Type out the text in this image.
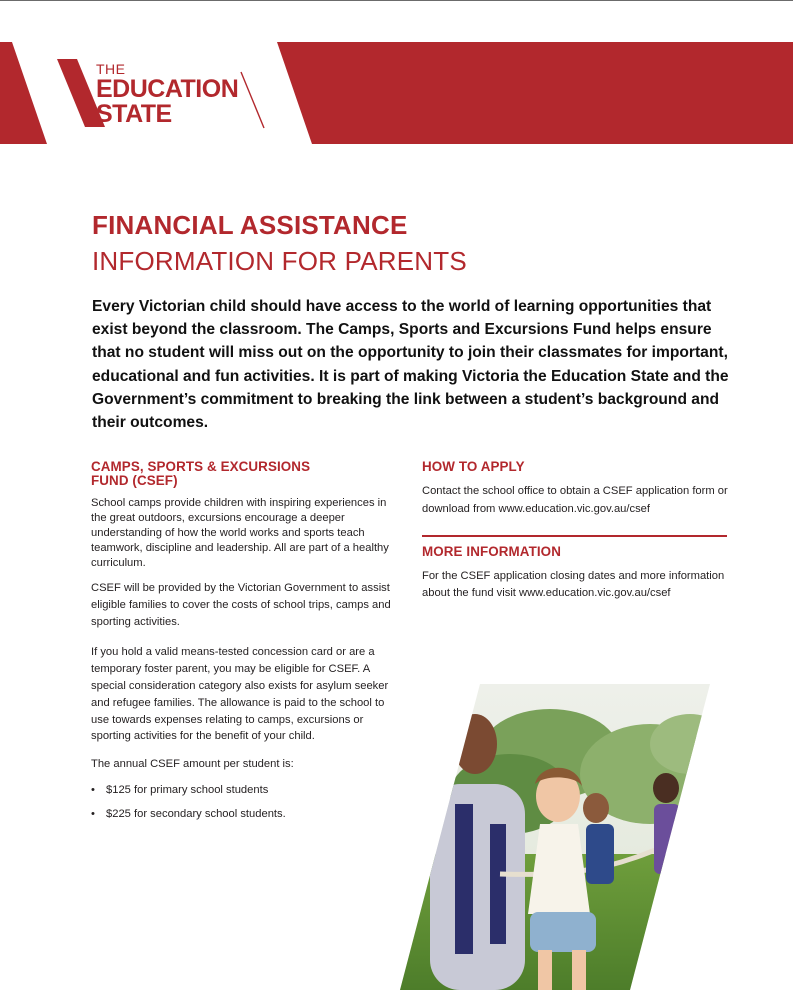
THE
EDUCATION
STATE
FINANCIAL ASSISTANCE
INFORMATION FOR PARENTS
Every Victorian child should have access to the world of learning opportunities that exist beyond the classroom. The Camps, Sports and Excursions Fund helps ensure that no student will miss out on the opportunity to join their classmates for important, educational and fun activities. It is part of making Victoria the Education State and the Government’s commitment to breaking the link between a student’s background and their outcomes.
CAMPS, SPORTS & EXCURSIONS
FUND (CSEF)

School camps provide children with inspiring experiences in the great outdoors, excursions encourage a deeper understanding of how the world works and sports teach teamwork, discipline and leadership. All are part of a healthy curriculum.

CSEF will be provided by the Victorian Government to assist eligible families to cover the costs of school trips, camps and sporting activities.

If you hold a valid means-tested concession card or are a temporary foster parent, you may be eligible for CSEF. A special consideration category also exists for asylum seeker and refugee families. The allowance is paid to the school to use towards expenses relating to camps, excursions or sporting activities for the benefit of your child.

The annual CSEF amount per student is:

• $125 for primary school students
• $225 for secondary school students.
HOW TO APPLY

Contact the school office to obtain a CSEF application form or download from www.education.vic.gov.au/csef

MORE INFORMATION

For the CSEF application closing dates and more information about the fund visit www.education.vic.gov.au/csef
